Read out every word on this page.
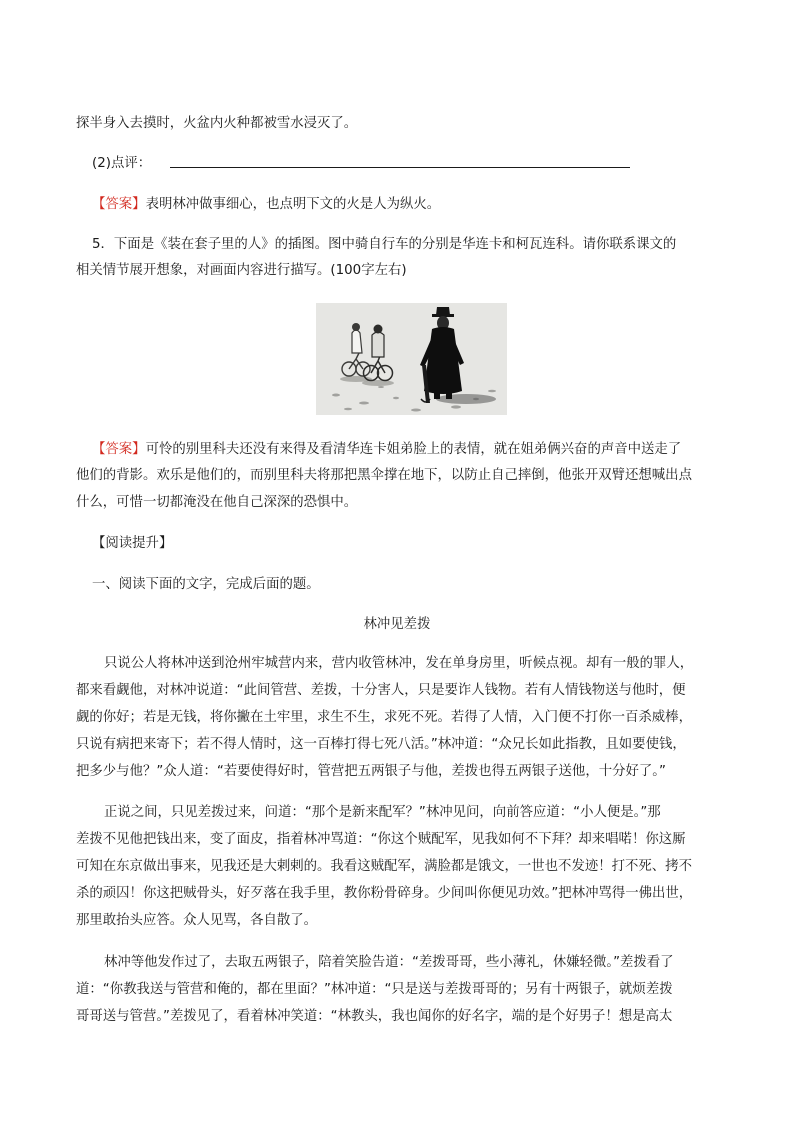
探半身入去摸时，火盆内火种都被雪水浸灭了。
(2)点评：
【答案】表明林冲做事细心，也点明下文的火是人为纵火。
5．下面是《装在套子里的人》的插图。图中骑自行车的分别是华连卡和柯瓦连科。请你联系课文的
相关情节展开想象，对画面内容进行描写。(100字左右)
【答案】可怜的别里科夫还没有来得及看清华连卡姐弟脸上的表情，就在姐弟俩兴奋的声音中送走了
他们的背影。欢乐是他们的，而别里科夫将那把黑伞撑在地下，以防止自己摔倒，他张开双臂还想喊出点
什么，可惜一切都淹没在他自己深深的恐惧中。
【阅读提升】
一、阅读下面的文字，完成后面的题。
林冲见差拨
只说公人将林冲送到沧州牢城营内来，营内收管林冲，发在单身房里，听候点视。却有一般的罪人，
都来看觑他，对林冲说道：“此间管营、差拨，十分害人，只是要诈人钱物。若有人情钱物送与他时，便
觑的你好；若是无钱，将你撇在土牢里，求生不生，求死不死。若得了人情，入门便不打你一百杀威棒，
只说有病把来寄下；若不得人情时，这一百棒打得七死八活。”林冲道：“众兄长如此指教，且如要使钱，
把多少与他？”众人道：“若要使得好时，管营把五两银子与他，差拨也得五两银子送他，十分好了。”
正说之间，只见差拨过来，问道：“那个是新来配军？”林冲见问，向前答应道：“小人便是。”那
差拨不见他把钱出来，变了面皮，指着林冲骂道：“你这个贼配军，见我如何不下拜？却来唱喏！你这厮
可知在东京做出事来，见我还是大剌剌的。我看这贼配军，满脸都是饿文，一世也不发迹！打不死、拷不
杀的顽囚！你这把贼骨头，好歹落在我手里，教你粉骨碎身。少间叫你便见功效。”把林冲骂得一佛出世，
那里敢抬头应答。众人见骂，各自散了。
林冲等他发作过了，去取五两银子，陪着笑脸告道：“差拨哥哥，些小薄礼，休嫌轻微。”差拨看了
道：“你教我送与管营和俺的，都在里面？”林冲道：“只是送与差拨哥哥的；另有十两银子，就烦差拨
哥哥送与管营。”差拨见了，看着林冲笑道：“林教头，我也闻你的好名字，端的是个好男子！想是高太
